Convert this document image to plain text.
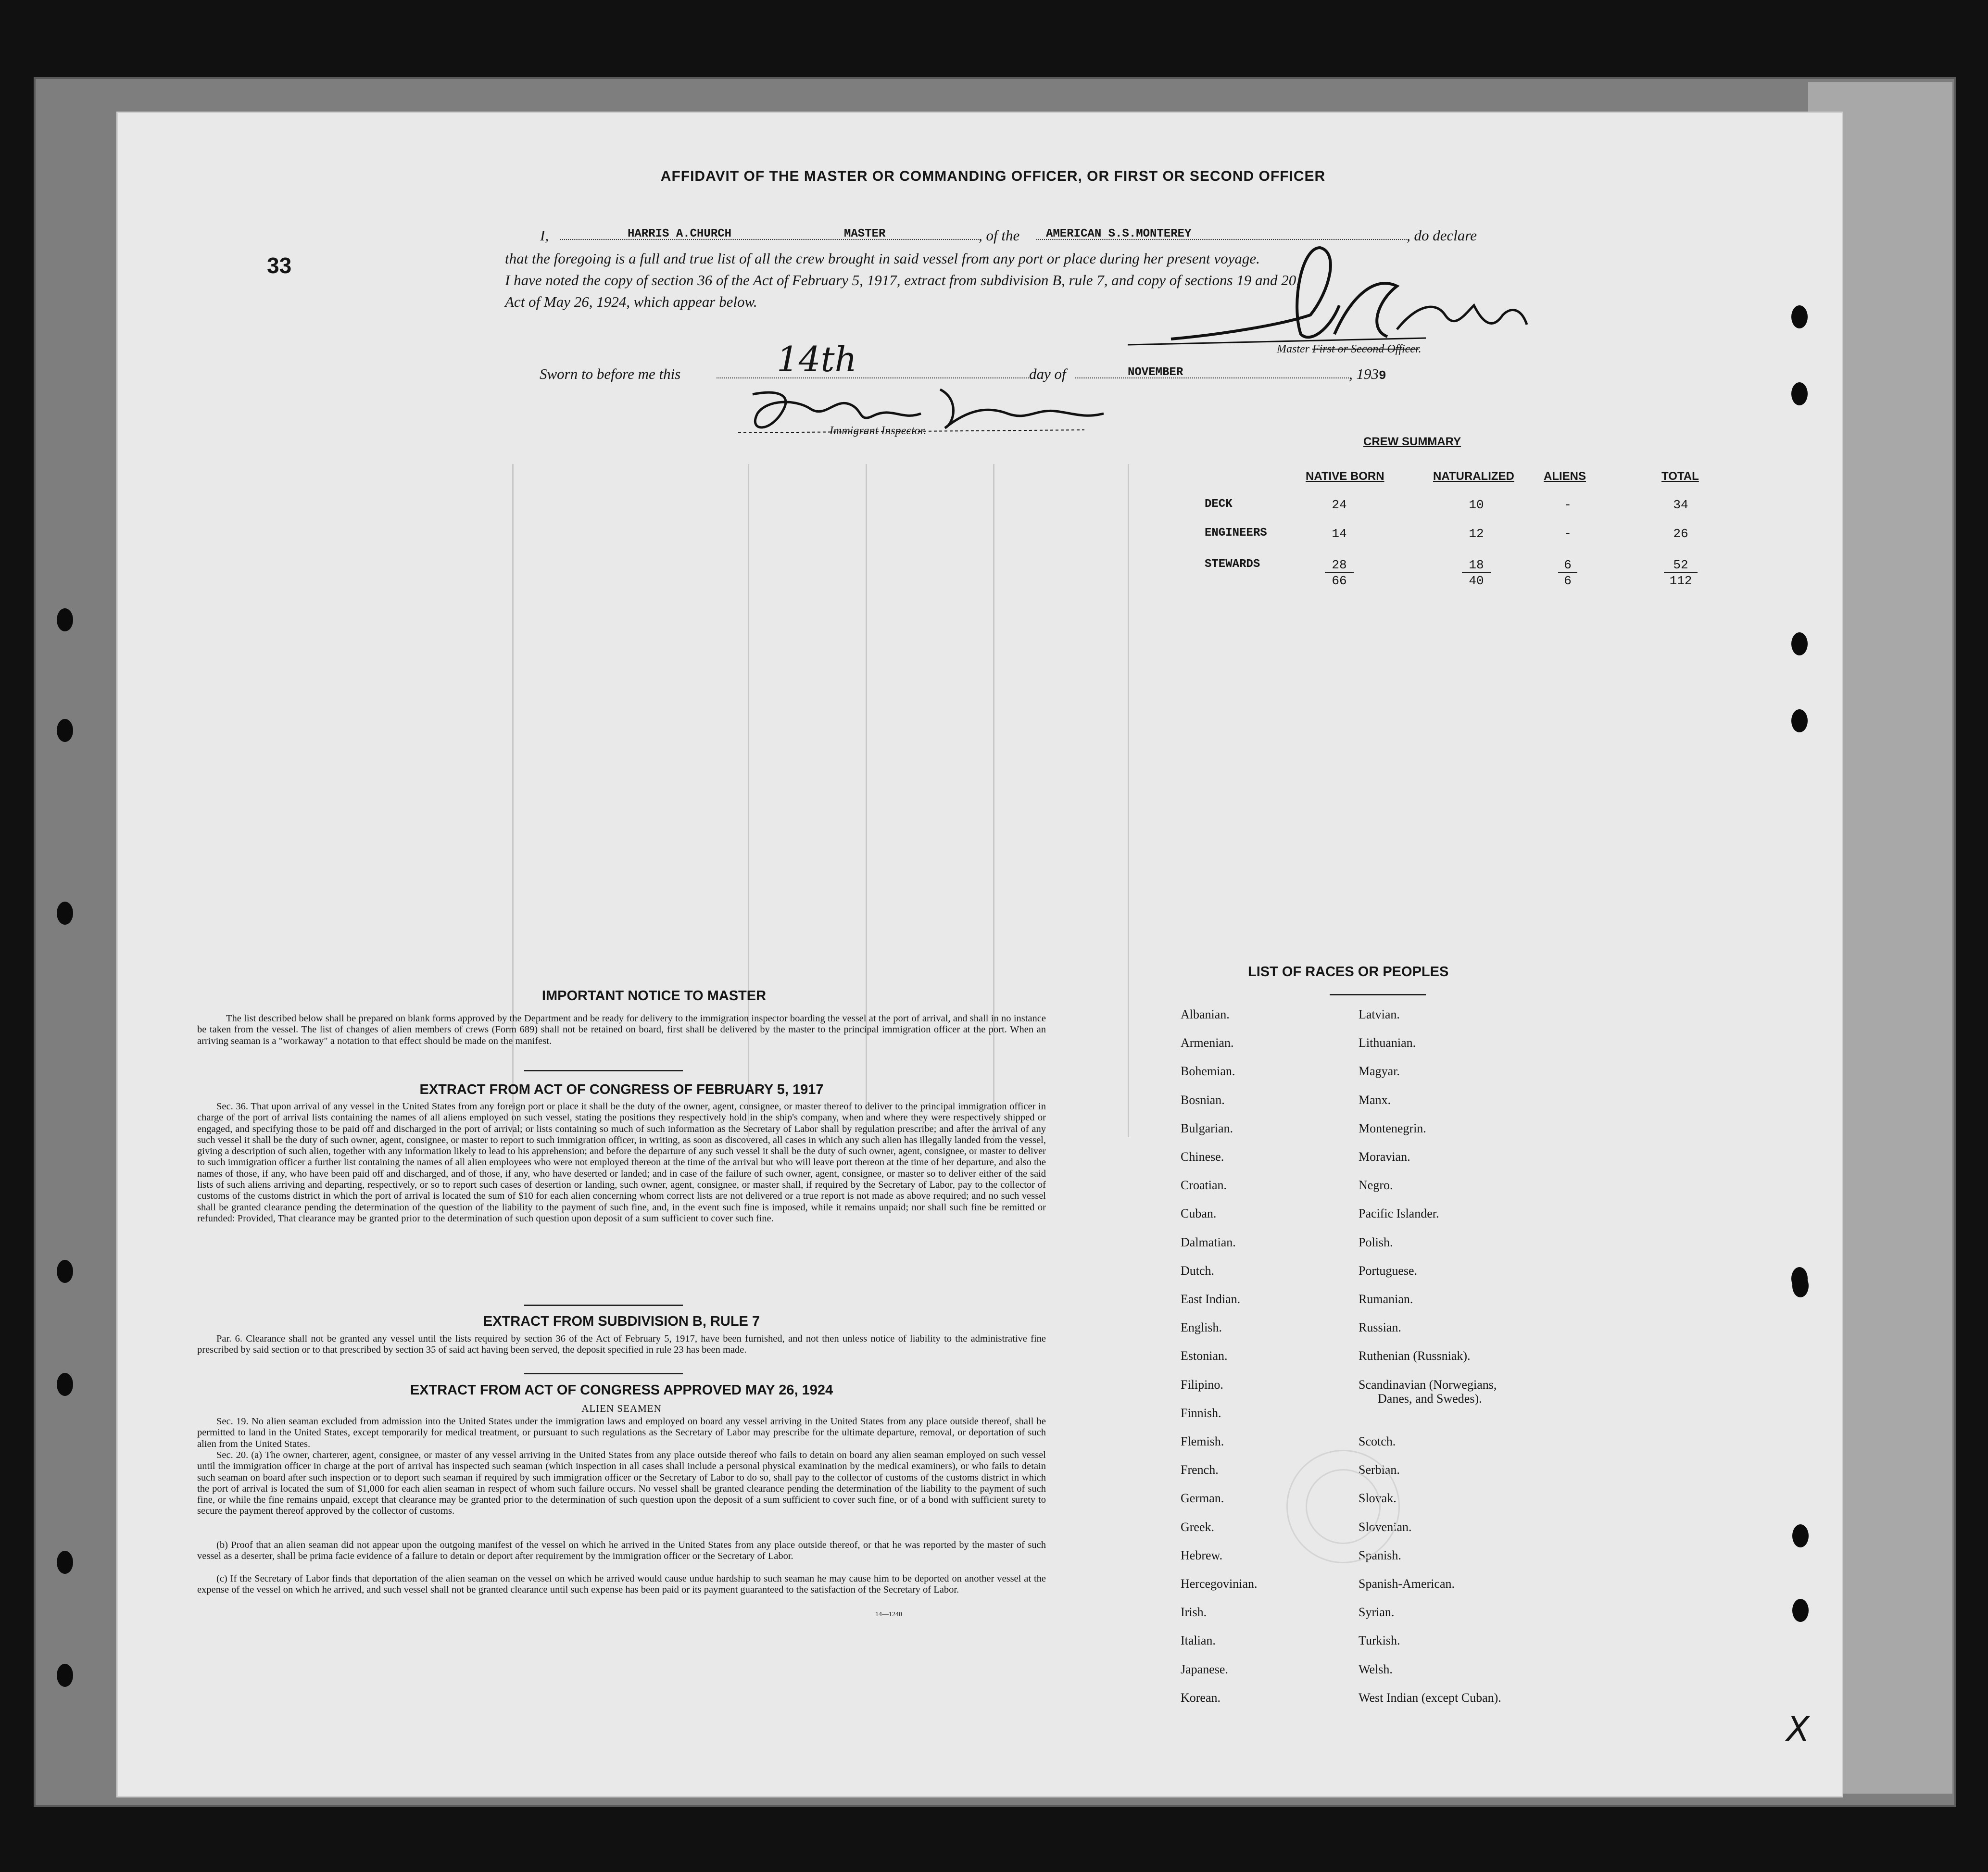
33
AFFIDAVIT OF THE MASTER OR COMMANDING OFFICER, OR FIRST OR SECOND OFFICER
I,	HARRIS A.CHURCH	MASTER	, of the AMERICAN S.S.MONTEREY	, do declare
that the foregoing is a full and true list of all the crew brought in said vessel from any port or place during her present voyage.
I have noted the copy of section 36 of the Act of February 5, 1917, extract from subdivision B, rule 7, and copy of sections 19 and 20,
Act of May 26, 1924, which appear below.
Master First or Second Officer.
Sworn to before me this	14th	day of	NOVEMBER	, 1939
Immigrant Inspector.
CREW SUMMARY
NATIVE BORN	NATURALIZED	ALIENS	TOTAL
DECK	24	10	-	34
ENGINEERS	14	12	-	26
STEWARDS	28	18	6	52
66	40	6	112
IMPORTANT NOTICE TO MASTER
The list described below shall be prepared on blank forms approved by the Department and be ready for delivery to the immigration inspector boarding the vessel at the port of arrival, and shall in no instance be taken from the vessel. The list of changes of alien members of crews (Form 689) shall not be retained on board, first shall be delivered by the master to the principal immigration officer at the port. When an arriving seaman is a "workaway" a notation to that effect should be made on the manifest.
EXTRACT FROM ACT OF CONGRESS OF FEBRUARY 5, 1917
Sec. 36. That upon arrival of any vessel in the United States from any foreign port or place it shall be the duty of the owner, agent, consignee, or master thereof to deliver to the principal immigration officer in charge of the port of arrival lists containing the names of all aliens employed on such vessel, stating the positions they respectively hold in the ship's company, when and where they were respectively shipped or engaged, and specifying those to be paid off and discharged in the port of arrival; or lists containing so much of such information as the Secretary of Labor shall by regulation prescribe; and after the arrival of any such vessel it shall be the duty of such owner, agent, consignee, or master to report to such immigration officer, in writing, as soon as discovered, all cases in which any such alien has illegally landed from the vessel, giving a description of such alien, together with any information likely to lead to his apprehension; and before the departure of any such vessel it shall be the duty of such owner, agent, consignee, or master to deliver to such immigration officer a further list containing the names of all alien employees who were not employed thereon at the time of the arrival but who will leave port thereon at the time of her departure, and also the names of those, if any, who have been paid off and discharged, and of those, if any, who have deserted or landed; and in case of the failure of such owner, agent, consignee, or master so to deliver either of the said lists of such aliens arriving and departing, respectively, or so to report such cases of desertion or landing, such owner, agent, consignee, or master shall, if required by the Secretary of Labor, pay to the collector of customs of the customs district in which the port of arrival is located the sum of $10 for each alien concerning whom correct lists are not delivered or a true report is not made as above required; and no such vessel shall be granted clearance pending the determination of the question of the liability to the payment of such fine, and, in the event such fine is imposed, while it remains unpaid; nor shall such fine be remitted or refunded: Provided, That clearance may be granted prior to the determination of such question upon deposit of a sum sufficient to cover such fine.
EXTRACT FROM SUBDIVISION B, RULE 7
Par. 6. Clearance shall not be granted any vessel until the lists required by section 36 of the Act of February 5, 1917, have been furnished, and not then unless notice of liability to the administrative fine prescribed by said section or to that prescribed by section 35 of said act having been served, the deposit specified in rule 23 has been made.
EXTRACT FROM ACT OF CONGRESS APPROVED MAY 26, 1924
ALIEN SEAMEN
Sec. 19. No alien seaman excluded from admission into the United States under the immigration laws and employed on board any vessel arriving in the United States from any place outside thereof, shall be permitted to land in the United States, except temporarily for medical treatment, or pursuant to such regulations as the Secretary of Labor may prescribe for the ultimate departure, removal, or deportation of such alien from the United States.
Sec. 20. (a) The owner, charterer, agent, consignee, or master of any vessel arriving in the United States from any place outside thereof who fails to detain on board any alien seaman employed on such vessel until the immigration officer in charge at the port of arrival has inspected such seaman (which inspection in all cases shall include a personal physical examination by the medical examiners), or who fails to detain such seaman on board after such inspection or to deport such seaman if required by such immigration officer or the Secretary of Labor to do so, shall pay to the collector of customs of the customs district in which the port of arrival is located the sum of $1,000 for each alien seaman in respect of whom such failure occurs. No vessel shall be granted clearance pending the determination of the liability to the payment of such fine, or while the fine remains unpaid, except that clearance may be granted prior to the determination of such question upon the deposit of a sum sufficient to cover such fine, or of a bond with sufficient surety to secure the payment thereof approved by the collector of customs.
(b) Proof that an alien seaman did not appear upon the outgoing manifest of the vessel on which he arrived in the United States from any place outside thereof, or that he was reported by the master of such vessel as a deserter, shall be prima facie evidence of a failure to detain or deport after requirement by the immigration officer or the Secretary of Labor.
(c) If the Secretary of Labor finds that deportation of the alien seaman on the vessel on which he arrived would cause undue hardship to such seaman he may cause him to be deported on another vessel at the expense of the vessel on which he arrived, and such vessel shall not be granted clearance until such expense has been paid or its payment guaranteed to the satisfaction of the Secretary of Labor.
14—1240
LIST OF RACES OR PEOPLES
Albanian.
Armenian.
Bohemian.
Bosnian.
Bulgarian.
Chinese.
Croatian.
Cuban.
Dalmatian.
Dutch.
East Indian.
English.
Estonian.
Filipino.
Finnish.
Flemish.
French.
German.
Greek.
Hebrew.
Hercegovinian.
Irish.
Italian.
Japanese.
Korean.
Latvian.
Lithuanian.
Magyar.
Manx.
Montenegrin.
Moravian.
Negro.
Pacific Islander.
Polish.
Portuguese.
Rumanian.
Russian.
Ruthenian (Russniak).
Scandinavian (Norwegians,
Danes, and Swedes).
Scotch.
Serbian.
Slovak.
Slovenian.
Spanish.
Spanish-American.
Syrian.
Turkish.
Welsh.
West Indian (except Cuban).
X
